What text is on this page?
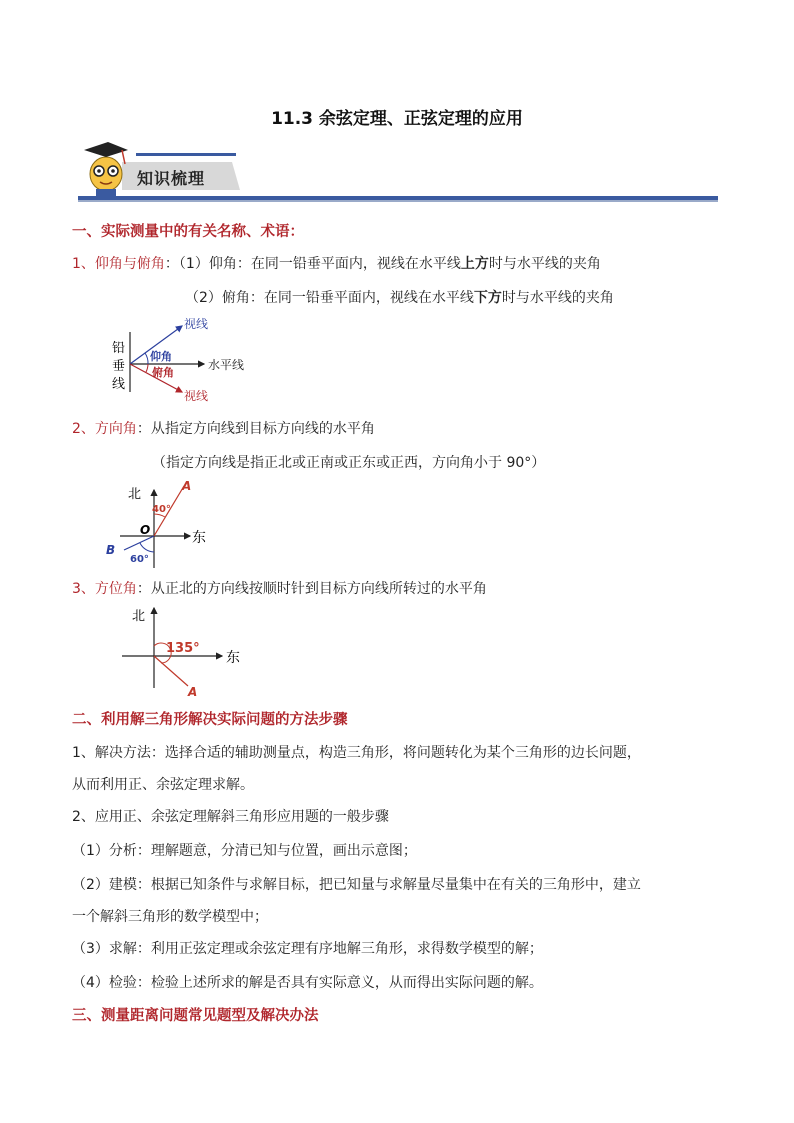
11.3 余弦定理、正弦定理的应用
知识梳理
一、实际测量中的有关名称、术语：
1、仰角与俯角：（1）仰角：在同一铅垂平面内，视线在水平线上方时与水平线的夹角
（2）俯角：在同一铅垂平面内，视线在水平线下方时与水平线的夹角
铅
垂
线
视线
仰角
水平线
俯角
视线
2、方向角：从指定方向线到目标方向线的水平角
（指定方向线是指正北或正南或正东或正西，方向角小于 90°）
北
东
O
A
B
40°
60°
3、方位角：从正北的方向线按顺时针到目标方向线所转过的水平角
北
东
135°
A
二、利用解三角形解决实际问题的方法步骤
1、解决方法：选择合适的辅助测量点，构造三角形，将问题转化为某个三角形的边长问题，
从而利用正、余弦定理求解。
2、应用正、余弦定理解斜三角形应用题的一般步骤
（1）分析：理解题意，分清已知与位置，画出示意图；
（2）建模：根据已知条件与求解目标，把已知量与求解量尽量集中在有关的三角形中，建立
一个解斜三角形的数学模型中；
（3）求解：利用正弦定理或余弦定理有序地解三角形，求得数学模型的解；
（4）检验：检验上述所求的解是否具有实际意义，从而得出实际问题的解。
三、测量距离问题常见题型及解决办法
